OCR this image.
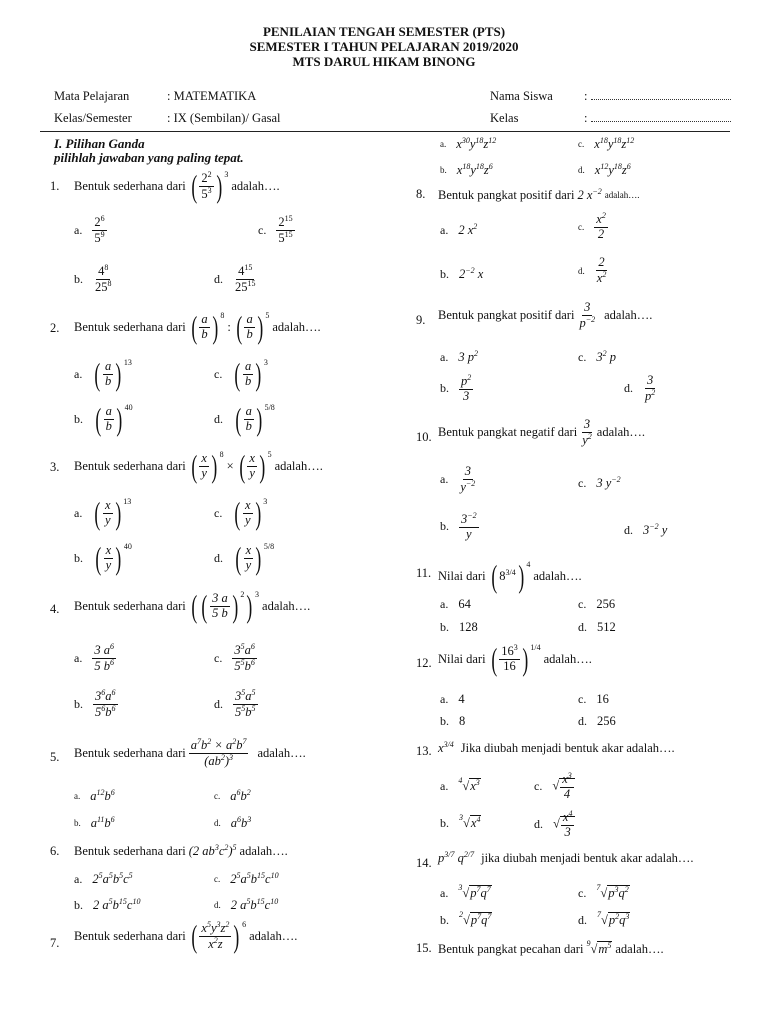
PENILAIAN TENGAH SEMESTER (PTS)
SEMESTER I TAHUN PELAJARAN 2019/2020
MTS DARUL HIKAM BINONG
Mata Pelajaran	: MATEMATIKA
Kelas/Semester	: IX (Sembilan)/ Gasal
Nama Siswa :
Kelas	:
I. Pilihan Ganda
pilihlah jawaban yang paling tepat.
1. Bentuk sederhana dari ( $\frac{2^2}{5^3}$ ) $^3$
adalah….
a. $\frac{2^6}{5^9}$	c. $\frac{2^{15}}{5^{15}}$
b. $\frac{4^8}{25^8}$	d. $\frac{4^{15}}{25^{15}}$
2. Bentuk sederhana dari ( $\frac{a}{b}$ ) $^8$
: ( $\frac{a}{b}$ ) $^5$
adalah….
a. ( $\frac{a}{b}$ ) $^{13}$
c. ( $\frac{a}{b}$ ) $^3$
b. ( $\frac{a}{b}$ ) $^{40}$
d. ( $\frac{a}{b}$ ) $^{5/8}$
3. Bentuk sederhana dari ( $\frac{x}{y}$ ) $^8$
× ( $\frac{x}{y}$ ) $^5$
adalah….
a. ( $\frac{x}{y}$ ) $^{13}$
c. ( $\frac{x}{y}$ ) $^3$
b. ( $\frac{x}{y}$ ) $^{40}$
d. ( $\frac{x}{y}$ ) $^{5/8}$
4. Bentuk sederhana dari ( ( $\frac{3 a}{5 b}$ ) $^2$ ) $^3$
adalah….
a. $\frac{3 a^6}{5 b^6}$	c. $\frac{3^5a^6}{5^5b^6}$
b. $\frac{3^6a^6}{5^6b^6}$	d. $\frac{3^5a^5}{5^5b^5}$
5. Bentuk sederhana dari $\frac{a^7b^2 \times a^2b^7}{(ab^2)^3}$ adalah….
a. $a^{12}b^6$	c. $a^6b^2$
b. $a^{11}b^6$	d. $a^6b^3$
6. Bentuk sederhana dari (2 $ab^3c^2)^5$ adalah….
a. $2^5a^5b^5c^5$	c. $2^5a^5b^{15}c^{10}$
b. 2 $a^5b^{15}c^{10}$	d. 2 $a^5b^{15}c^{10}$
7.
Bentuk sederhana dari ( $\frac{x^5y^3z^2}{x^2z}$ ) $^6$
adalah….
a. $x^{30}y^{18}z^{12}$	c. $x^{18}y^{18}z^{12}$
b. $x^{18}y^{18}z^6$	d. $x^{12}y^{18}z^6$
8. Bentuk pangkat positif dari 2 $x^{-2}$ adalah….
a. 2 $x^2$	c. $\frac{x^2}{2}$
b. $2^{-2}$ x	d. $\frac{2}{x^2}$
9. Bentuk pangkat positif dari $\frac{3}{p^{-2}}$ adalah….
a. 3 $p^2$	c. $3^2$ p
b. $\frac{p^2}{3}$	d. $\frac{3}{p^2}$
10. Bentuk pangkat negatif dari $\frac{3}{y^2}$ adalah….
a. $\frac{3}{y^{-2}}$	c. 3 $y^{-2}$
b. $\frac{3^{-2}}{y}$	d. $3^{-2}$ y
11. Nilai dari ( $8^{3/4}$ ) $^4$
adalah….
a. 64	c. 256
b. 128	d. 512
12. Nilai dari ( $\frac{16^3}{16}$ ) $^{1/4}$
adalah….
a. 4	c. 16
b. 8	d. 256
13. $x^{3/4}$ Jika diubah menjadi bentuk akar adalah….
a. $^4√x^3$	c. √ $\frac{x^3}{4}$
b. $^3√x^4$	d. √ $\frac{x^4}{3}$
14. $p^{3/7}$ $q^{2/7}$ jika diubah menjadi bentuk akar adalah….
a. $^3√p^7q^7$	c. $^7√p^3q^2$
b. $^2√p^7q^7$	d. $^7√p^2q^3$
15. Bentuk pangkat pecahan dari $^9√m^5$ adalah….
